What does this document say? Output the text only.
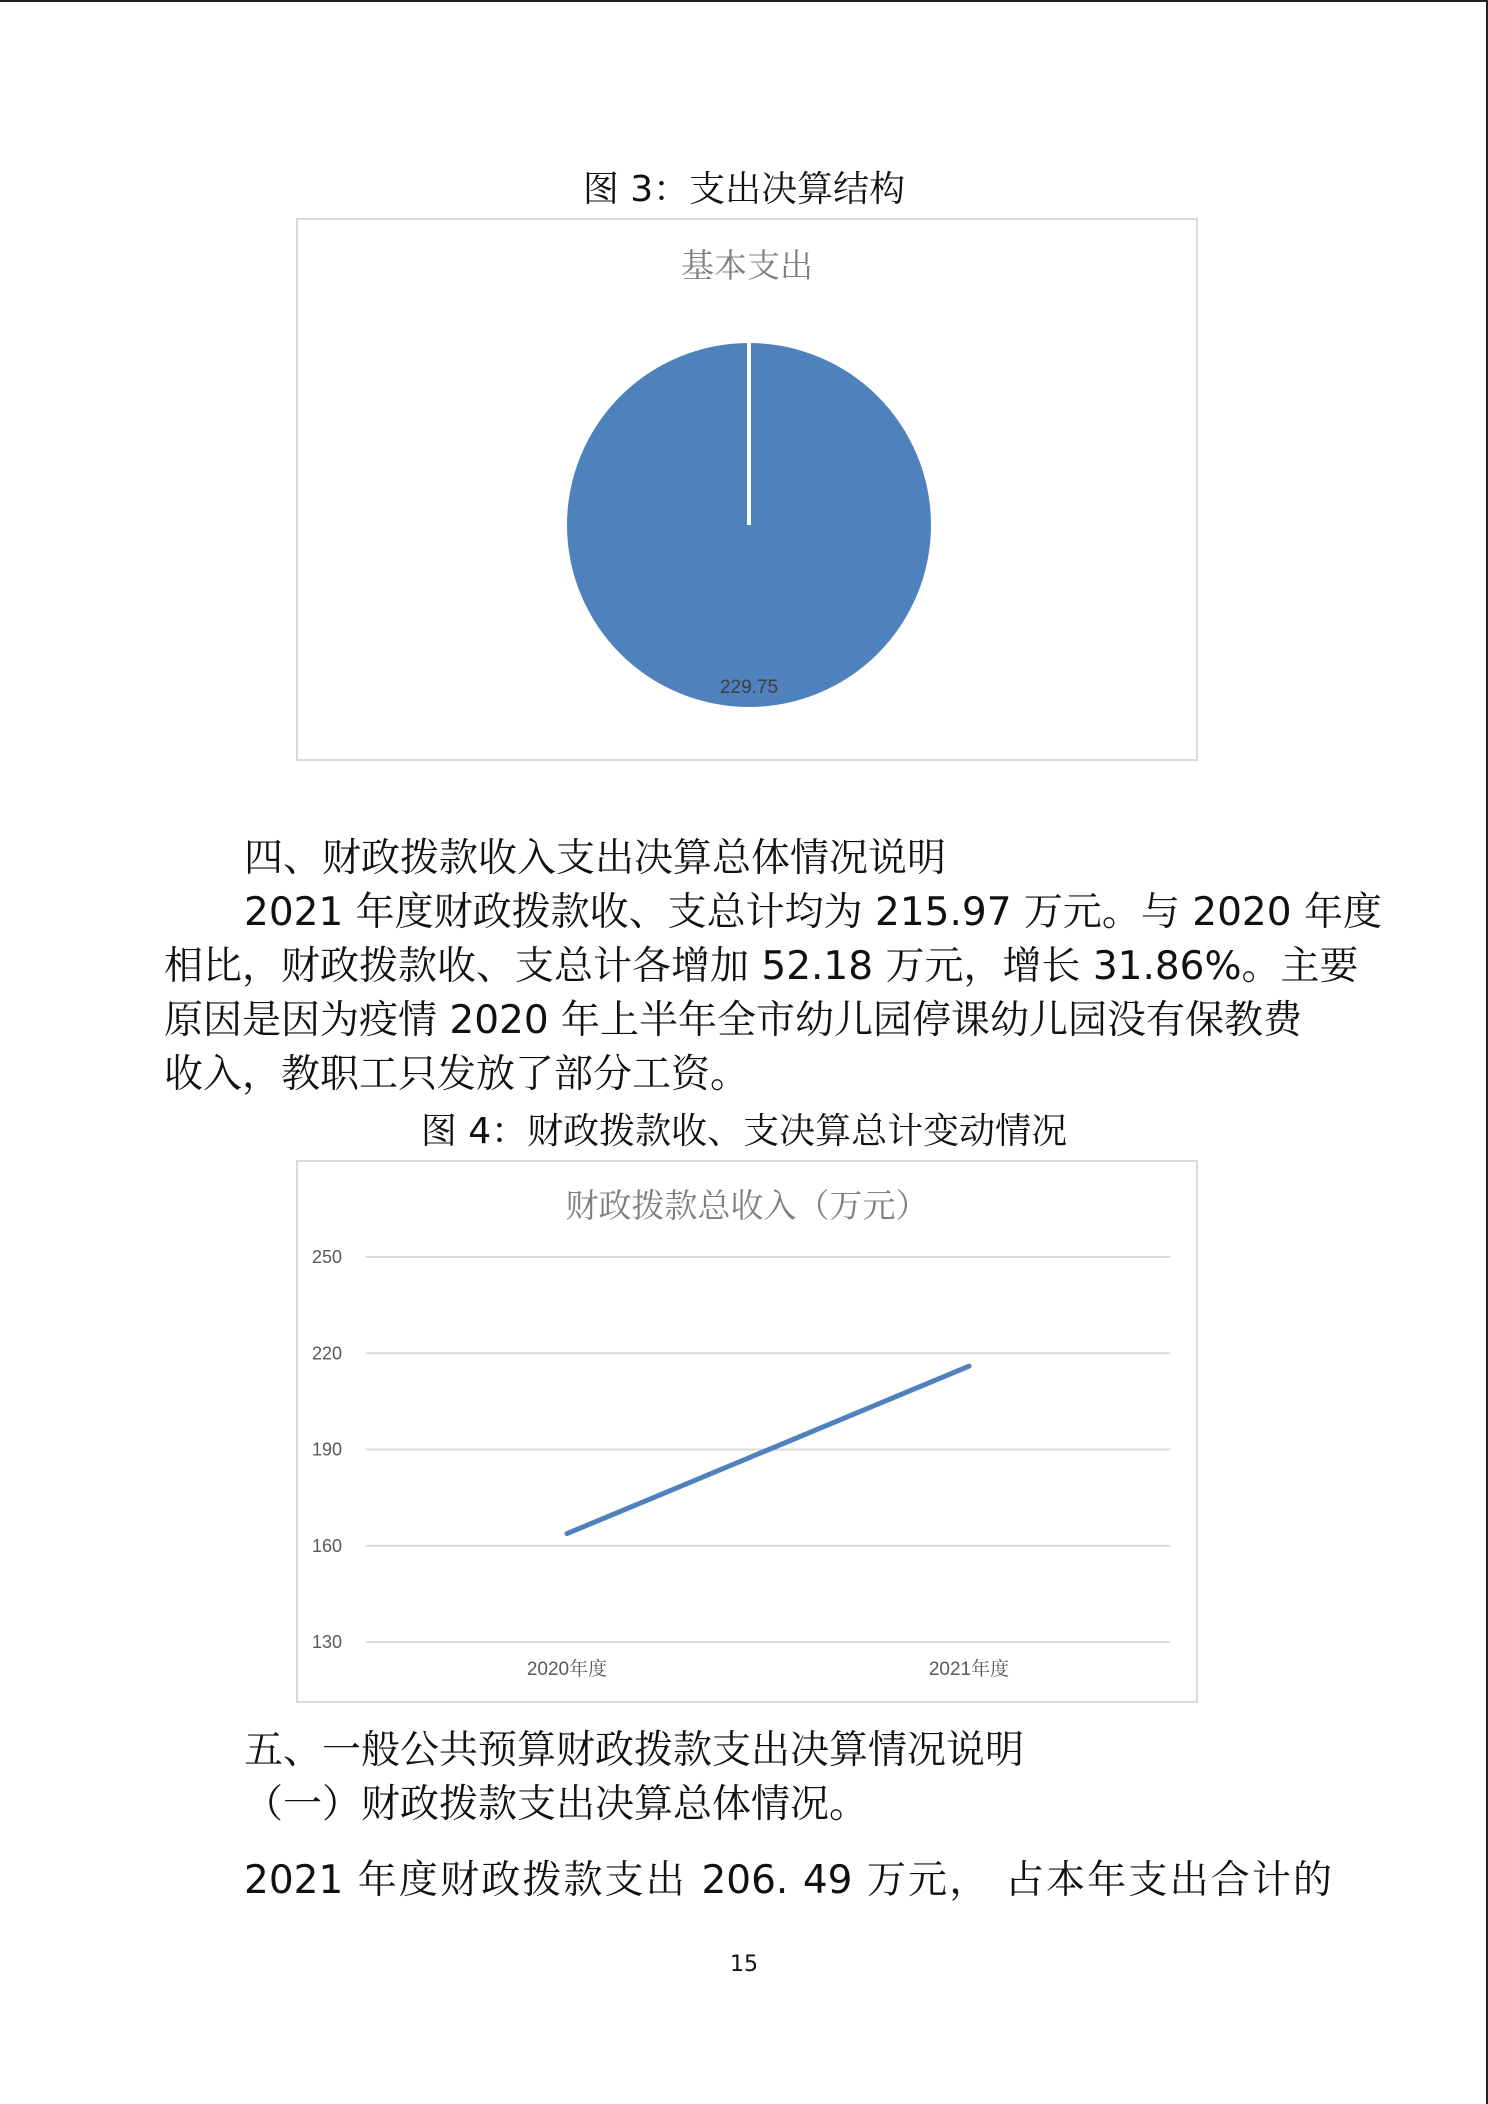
图 3：支出决算结构
基本支出
229.75
四、财政拨款收入支出决算总体情况说明
2021 年度财政拨款收、支总计均为 215.97 万元。与 2020 年度
相比，财政拨款收、支总计各增加 52.18 万元，增长 31.86%。主要
原因是因为疫情 2020 年上半年全市幼儿园停课幼儿园没有保教费
收入，教职工只发放了部分工资。
图 4：财政拨款收、支决算总计变动情况
财政拨款总收入（万元）
130
160
190
220
250
2020年度	2021年度
五、一般公共预算财政拨款支出决算情况说明
（一）财政拨款支出决算总体情况。
2021 年度财政拨款支出 206. 49 万元， 占本年支出合计的
15
